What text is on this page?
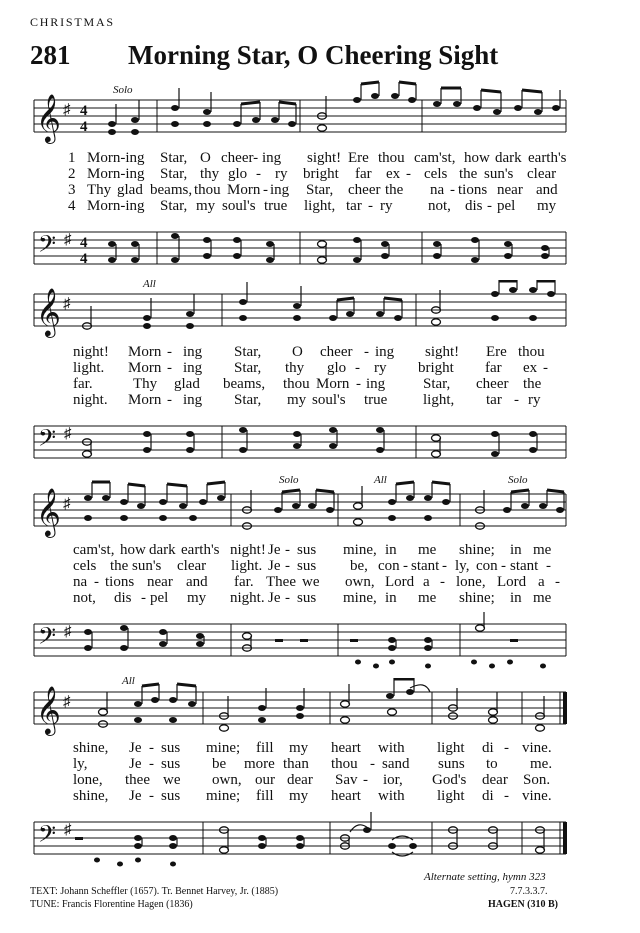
CHRISTMAS
281 Morning Star, O Cheering Sight
𝄞 ♯ 4
4
Solo
1 Morn-ing Star, O cheer- ing sight! Ere thou cam'st, how dark earth's
2 Morn-ing Star, thy glo - ry bright far ex - cels the sun's clear
3 Thy glad beams, thou Morn - ing Star, cheer the na - tions near and
4 Morn-ing Star, my soul's true light, tar - ry not, dis - pel my
𝄢 ♯ 4
4
𝄞 ♯
All
night! Morn - ing Star, O cheer - ing sight! Ere thou
light. Morn - ing Star, thy glo - ry bright far ex -
far.	Thy glad beams, thou Morn - ing	Star, cheer the
night. Morn - ing Star, my soul's true light, tar - ry
𝄢 ♯
𝄞 ♯
Solo	All	Solo
cam'st, how dark earth's night! Je - sus mine, in me shine; in me
cels the sun's clear light. Je - sus be, con - stant - ly, con - stant -
na - tions near and far. Thee we own, Lord a - lone, Lord a -
not, dis - pel my night. Je - sus mine, in me shine; in me
𝄢 ♯
𝄞 ♯
All
shine, Je - sus mine; fill my heart with light di - vine.
ly,	Je - sus be more than thou - sand suns to me.
lone, thee we own, our dear Sav - ior, God's dear Son.
shine, Je - sus mine; fill my heart with light di - vine.
𝄢 ♯
Alternate setting, hymn 323
7.7.3.3.7.
HAGEN (310 B)
TEXT: Johann Scheffler (1657). Tr. Bennet Harvey, Jr. (1885)
TUNE: Francis Florentine Hagen (1836)
